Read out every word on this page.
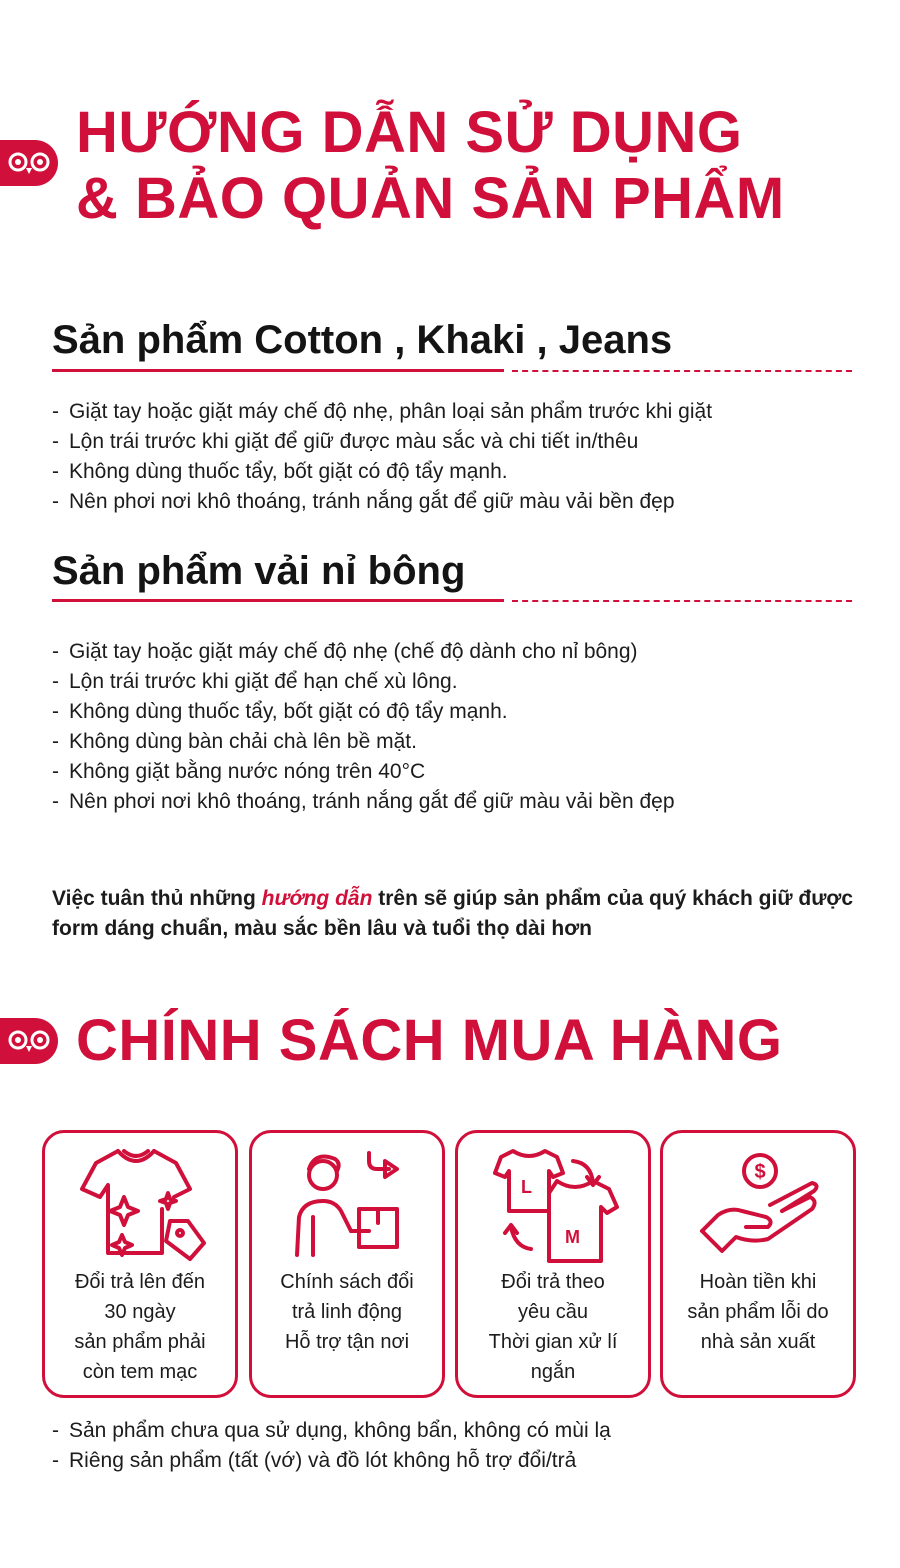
HƯỚNG DẪN SỬ DỤNG
& BẢO QUẢN SẢN PHẨM
Sản phẩm Cotton , Khaki , Jeans
- Giặt tay hoặc giặt máy chế độ nhẹ, phân loại sản phẩm trước khi giặt
- Lộn trái trước khi giặt để giữ được màu sắc và chi tiết in/thêu
- Không dùng thuốc tẩy, bốt giặt có độ tẩy mạnh.
- Nên phơi nơi khô thoáng, tránh nắng gắt để giữ màu vải bền đẹp
Sản phẩm vải nỉ bông
- Giặt tay hoặc giặt máy chế độ nhẹ (chế độ dành cho nỉ bông)
- Lộn trái trước khi giặt để hạn chế xù lông.
- Không dùng thuốc tẩy, bốt giặt có độ tẩy mạnh.
- Không dùng bàn chải chà lên bề mặt.
- Không giặt bằng nước nóng trên 40°C
- Nên phơi nơi khô thoáng, tránh nắng gắt để giữ màu vải bền đẹp

Việc tuân thủ những hướng dẫn trên sẽ giúp sản phẩm của quý khách giữ được form dáng chuẩn, màu sắc bền lâu và tuổi thọ dài hơn

CHÍNH SÁCH MUA HÀNG
Đổi trả lên đến
30 ngày
sản phẩm phải
còn tem mạc
Chính sách đổi
trả linh động
Hỗ trợ tận nơi
L
M
Đổi trả theo
yêu cầu
Thời gian xử lí
ngắn
$
Hoàn tiền khi
sản phẩm lỗi do
nhà sản xuất
- Sản phẩm chưa qua sử dụng, không bẩn, không có mùi lạ
- Riêng sản phẩm (tất (vớ) và đồ lót không hỗ trợ đổi/trả
